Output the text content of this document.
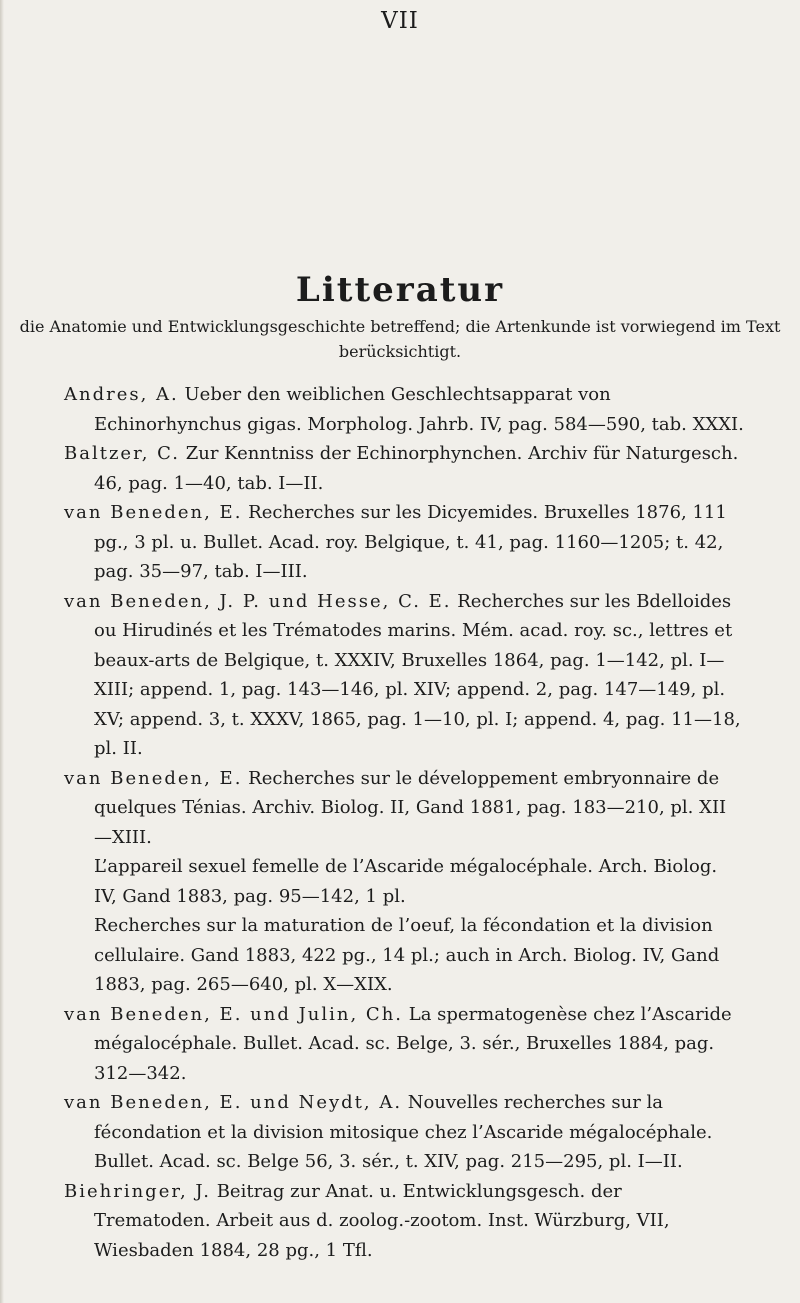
VII
Litteratur
die Anatomie und Entwicklungsgeschichte betreffend; die Artenkunde ist vorwiegend im Text berücksichtigt.

Andres, A. Ueber den weiblichen Geschlechtsapparat von Echinorhynchus gigas. Morpholog. Jahrb. IV, pag. 584—590, tab. XXXI.

Baltzer, C. Zur Kenntniss der Echinorphynchen. Archiv für Naturgesch. 46, pag. 1—40, tab. I—II.

van Beneden, E. Recherches sur les Dicyemides. Bruxelles 1876, 111 pg., 3 pl. u. Bullet. Acad. roy. Belgique, t. 41, pag. 1160—1205; t. 42, pag. 35—97, tab. I—III.

van Beneden, J. P. und Hesse, C. E. Recherches sur les Bdelloides ou Hirudinés et les Trématodes marins. Mém. acad. roy. sc., lettres et beaux-arts de Belgique, t. XXXIV, Bruxelles 1864, pag. 1—142, pl. I—XIII; append. 1, pag. 143—146, pl. XIV; append. 2, pag. 147—149, pl. XV; append. 3, t. XXXV, 1865, pag. 1—10, pl. I; append. 4, pag. 11—18, pl. II.

van Beneden, E. Recherches sur le développement embryonnaire de quelques Ténias. Archiv. Biolog. II, Gand 1881, pag. 183—210, pl. XII—XIII.

L’appareil sexuel femelle de l’Ascaride mégalocéphale. Arch. Biolog. IV, Gand 1883, pag. 95—142, 1 pl.

Recherches sur la maturation de l’oeuf, la fécondation et la division cellulaire. Gand 1883, 422 pg., 14 pl.; auch in Arch. Biolog. IV, Gand 1883, pag. 265—640, pl. X—XIX.

van Beneden, E. und Julin, Ch. La spermatogenèse chez l’Ascaride mégalocéphale. Bullet. Acad. sc. Belge, 3. sér., Bruxelles 1884, pag. 312—342.

van Beneden, E. und Neydt, A. Nouvelles recherches sur la fécondation et la division mitosique chez l’Ascaride mégalocéphale. Bullet. Acad. sc. Belge 56, 3. sér., t. XIV, pag. 215—295, pl. I—II.

Biehringer, J. Beitrag zur Anat. u. Entwicklungsgesch. der Trematoden. Arbeit aus d. zoolog.-zootom. Inst. Würzburg, VII, Wiesbaden 1884, 28 pg., 1 Tfl.
